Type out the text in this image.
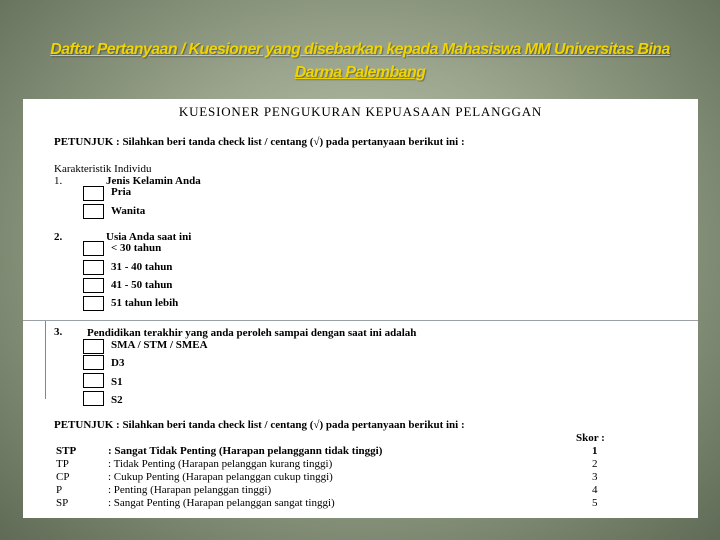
Daftar Pertanyaan / Kuesioner yang disebarkan kepada Mahasiswa MM Universitas Bina
Darma Palembang
KUESIONER PENGUKURAN KEPUASAAN PELANGGAN
PETUNJUK : Silahkan beri tanda check list / centang (√) pada pertanyaan berikut ini :
Karakteristik Individu
1.	Jenis Kelamin Anda
Pria
Wanita
2.	Usia Anda saat ini
< 30 tahun
31 - 40 tahun
41 - 50 tahun
51 tahun lebih
3. Pendidikan terakhir yang anda peroleh sampai dengan saat ini adalah
SMA / STM / SMEA
D3
S1
S2
PETUNJUK : Silahkan beri tanda check list / centang (√) pada pertanyaan berikut ini :
Skor :
STP	: Sangat Tidak Penting (Harapan pelanggann tidak tinggi)	1
TP	: Tidak Penting (Harapan pelanggan kurang tinggi)	2
CP	: Cukup Penting (Harapan pelanggan cukup tinggi)	3
P	: Penting (Harapan pelanggan tinggi)	4
SP	: Sangat Penting (Harapan pelanggan sangat tinggi)	5
